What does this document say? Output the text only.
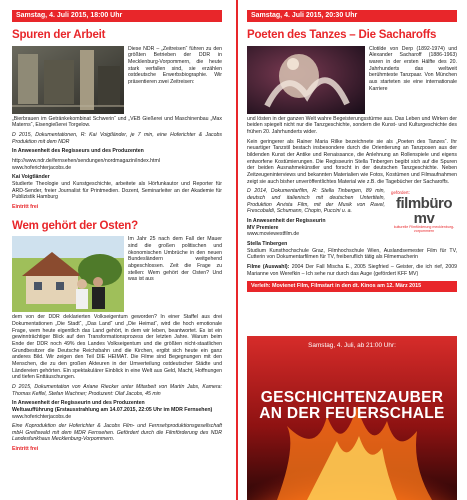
Samstag, 4. Juli 2015, 18:00 Uhr
Spuren der Arbeit

Diese NDR – „Zeitreisen“ führen zu den größten Betrieben der DDR in Mecklenburg-Vorpommern, die heute stark verfallen sind, sie erzählen ostdeutsche Erwerbsbiographie. Wir präsentieren zwei Zeitreisen:

„Bierbrauen im Getränkekombinat Schwerin“ und „VEB Gießerei und Maschinenbau „Max Materns“, Eisengießerei Torgelow.

D 2015, Dokumentationen, R: Kai Voigtländer, je 7 min, eine Hoferichter & Jacobs Produktion mit dem NDR

In Anwesenheit des Regisseurs und des Produzenten

http://www.ndr.de/fernsehen/sendungen/nordmagazin/index.html
www.hoferichterjacobs.de
Kai Voigtländer

Studierte Theologie und Kunstgeschichte, arbeitete als Hörfunkautor und Reporter für ARD-Sender, freier Journalist für Printmedien. Dozent, Seminarleiter an der Akademie für Publizistik Hamburg

Eintritt frei
Wem gehört der Osten?

Im Jahr 25 nach dem Fall der Mauer sind die großen politischen und ökonomischen Umbrüche in den neuen Bundesländern weitgehend abgeschlossen. Zeit die Frage zu stellen: Wem gehört der Osten? Und was ist aus

dem von der DDR deklarierten Volkseigentum geworden? In einer Staffel aus drei Dokumentationen „Die Stadt“, „Das Land“ und „Die Heimat“, wird die hoch emotionale Frage, wem heute eigentlich das Land gehört, in dem wir leben, beantwortet. Es ist ein gewinnträchtiger Blick auf den Transformationsprozess der letzten Jahre. Warum beim Ende der DDR noch 49% des Landes Volkseigentum und die größten nicht-staatlichen Grundbesitzer die Deutsche Reichsbahn und die Kirchen, ergibt sich heute ein ganz anderes Bild. Wir zeigen den Teil DIE HEIMAT. Die Filme sind Begegnungen mit den Menschen, die zu den großen Akteuren in der Umverteilung ostdeutscher Städte und Ländereien gehörten. Ein spektakulärer Einblick in eine Welt aus Geld, Macht, Hoffnungen und tiefen Enttäuschungen.

D 2015, Dokumentation von Ariane Riecker unter Mitarbeit von Martin Jabs, Kamera: Thomas Keffel, Stefan Wachner; Produzent: Olaf Jacobs, 45 min

In Anwesenheit der Regisseurin und des Produzenten
Weltuaufführung (Erstausstrahlung am 14.07.2015, 22:05 Uhr im MDR Fernsehen)
www.hoferichterjacobs.de

Eine Koproduktion der Hoferichter & Jacobs Film- und Fernsehproduktionsgesellschaft mbH Greifswald mit dem MDR Fernsehen. Gefördert durch die Filmförderung des NDR Landesfunkhaus Mecklenburg-Vorpommern.

Eintritt frei
Samstag, 4. Juli 2015, 20:30 Uhr
Poeten des Tanzes – Die Sacharoffs

Clotilde von Derp (1892-1974) und Alexander Sacharoff (1886-1963) waren in der ersten Hälfte des 20. Jahrhunderts das weltweit berühmteste Tanzpaar. Von München aus starteten sie eine internationale Karriere

und lösten in der ganzen Welt wahre Begeisterungsstürme aus. Das Leben und Wirken der beiden spiegelt nicht nur die Tanzgeschichte, sondern die Kunst- und Kulturgeschichte des frühen 20. Jahrhunderts wider.

Kein geringerer als Rainer Maria Rilke bezeichnete sie als „Poeten des Tanzes“. Ihr neuartiger Tanzstil bestach insbesondere durch die Orientierung an Tanzposen aus der bildenden Kunst der Antike und Renaissance, die Anlehnung an Rollenspiele und eigens entworfene Kostümierungen. Die Regisseurin Stella Tinbergen begibt sich auf die Spuren der beiden Ausnahmekünstler und forscht in der deutschen Tanzgeschichte. Neben Zeitzeugeninterviews und bekannten Materialien wie Fotos, Kostümen und Filmaufnahmen zeigt sie auch bisher unveröffentlichtes Material wie z.B. die Tagebücher der Sacharoffs.

gefördert:
filmbüro mv
kulturelle Filmförderung mecklenburg-vorpommern

D 2014, Dokumentarfilm, R: Stella Tinbergen, 89 min, deutsch und italienisch mit deutschen Untertiteln, Produktion Arvista Film, mit der Musik von Ravel, Frescobaldi, Schumann, Chopin, Puccini u. a.

In Anwesenheit der Regisseurin
MV Premiere
www.moviewestfilm.de
Stella Tinbergen

Studium Kunsthochschule Graz, Filmhochschule Wien, Auslandsemester Film für TV, Cutterin von Dokumentarfilmen für TV, freiberuflich tätig als Filmemacherin

Filme (Auswahl): 2004 Der Fall Mischa E., 2005 Siegfried – Geister, die ich rief, 2009 Marianne von Werefkin – Ich sehe nur durch das Auge (gefördert KFF MV)

Verleih: Movienet Film, Filmstart in den dt. Kinos am 12. März 2015
Samstag, 4. Juli, ab 21:00 Uhr:
GESCHICHTENZAUBER
AN DER FEUERSCHALE
